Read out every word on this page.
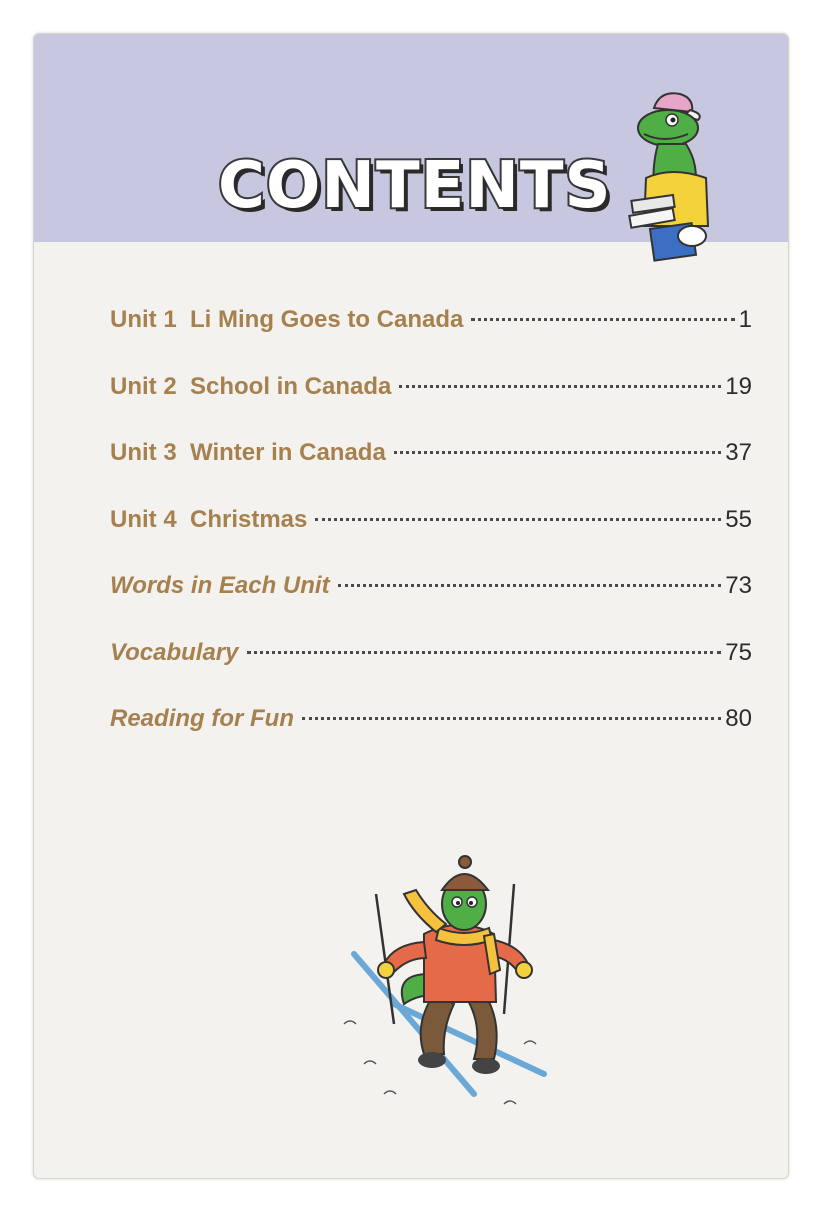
CONTENTS
Unit 1  Li Ming Goes to Canada	1
Unit 2  School in Canada	19
Unit 3  Winter in Canada	37
Unit 4  Christmas	55
Words in Each Unit	73
Vocabulary	75
Reading for Fun	80
